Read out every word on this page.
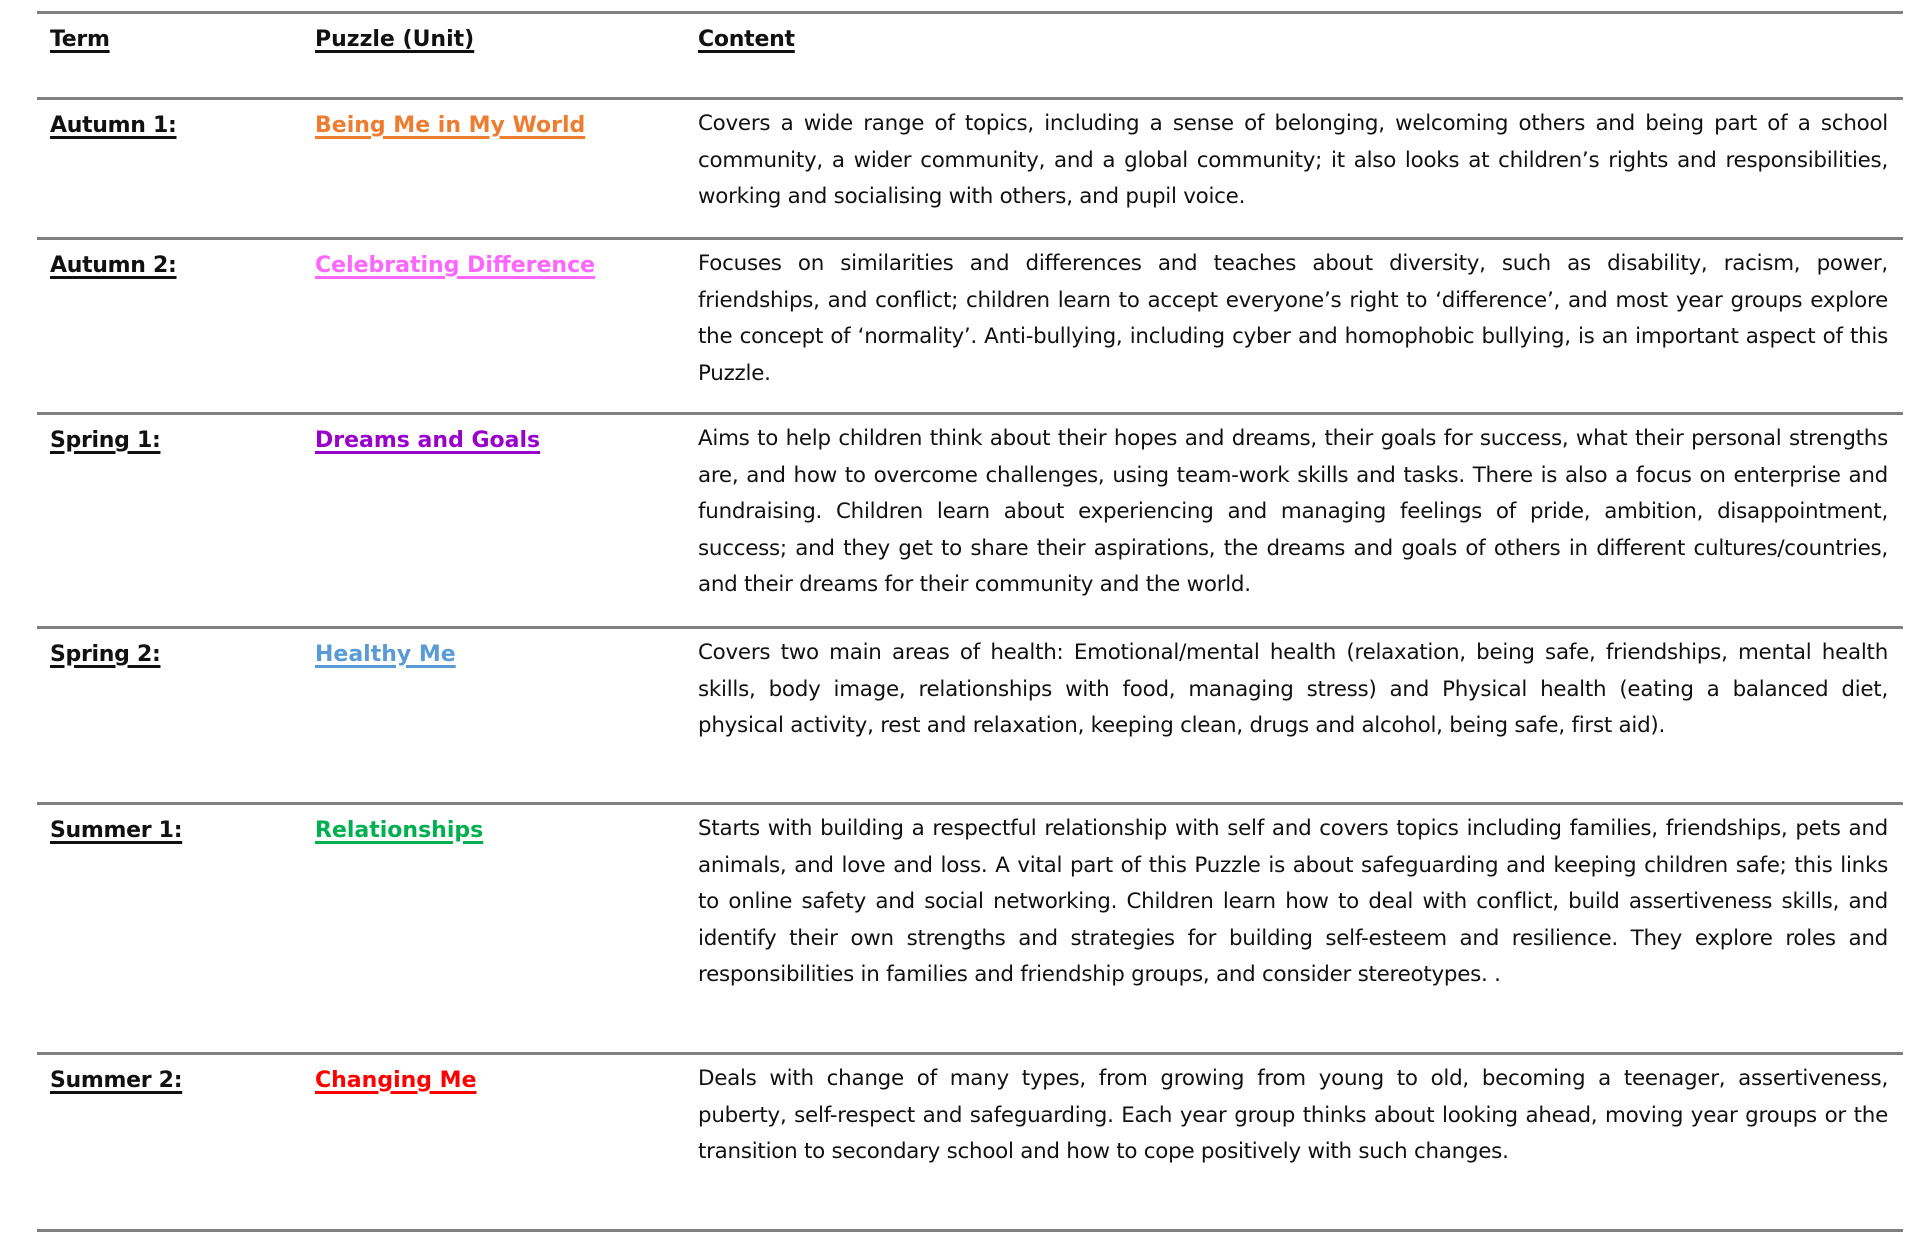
Term	Puzzle (Unit)	Content
Autumn 1:	Being Me in My World	Covers a wide range of topics, including a sense of belonging, welcoming others and being part of a school community, a wider community, and a global community; it also looks at children’s rights and responsibilities, working and socialising with others, and pupil voice.
Autumn 2:	Celebrating Difference	Focuses on similarities and differences and teaches about diversity, such as disability, racism, power, friendships, and conflict; children learn to accept everyone’s right to ‘difference’, and most year groups explore the concept of ‘normality’. Anti-bullying, including cyber and homophobic bullying, is an important aspect of this Puzzle.
Spring 1:	Dreams and Goals	Aims to help children think about their hopes and dreams, their goals for success, what their personal strengths are, and how to overcome challenges, using team-work skills and tasks. There is also a focus on enterprise and fundraising. Children learn about experiencing and managing feelings of pride, ambition, disappointment, success; and they get to share their aspirations, the dreams and goals of others in different cultures/countries, and their dreams for their community and the world.
Spring 2:	Healthy Me	Covers two main areas of health: Emotional/mental health (relaxation, being safe, friendships, mental health skills, body image, relationships with food, managing stress) and Physical health (eating a balanced diet, physical activity, rest and relaxation, keeping clean, drugs and alcohol, being safe, first aid).
Summer 1:	Relationships	Starts with building a respectful relationship with self and covers topics including families, friendships, pets and animals, and love and loss. A vital part of this Puzzle is about safeguarding and keeping children safe; this links to online safety and social networking. Children learn how to deal with conflict, build assertiveness skills, and identify their own strengths and strategies for building self-esteem and resilience. They explore roles and responsibilities in families and friendship groups, and consider stereotypes. .
Summer 2:	Changing Me	Deals with change of many types, from growing from young to old, becoming a teenager, assertiveness, puberty, self-respect and safeguarding. Each year group thinks about looking ahead, moving year groups or the transition to secondary school and how to cope positively with such changes.
